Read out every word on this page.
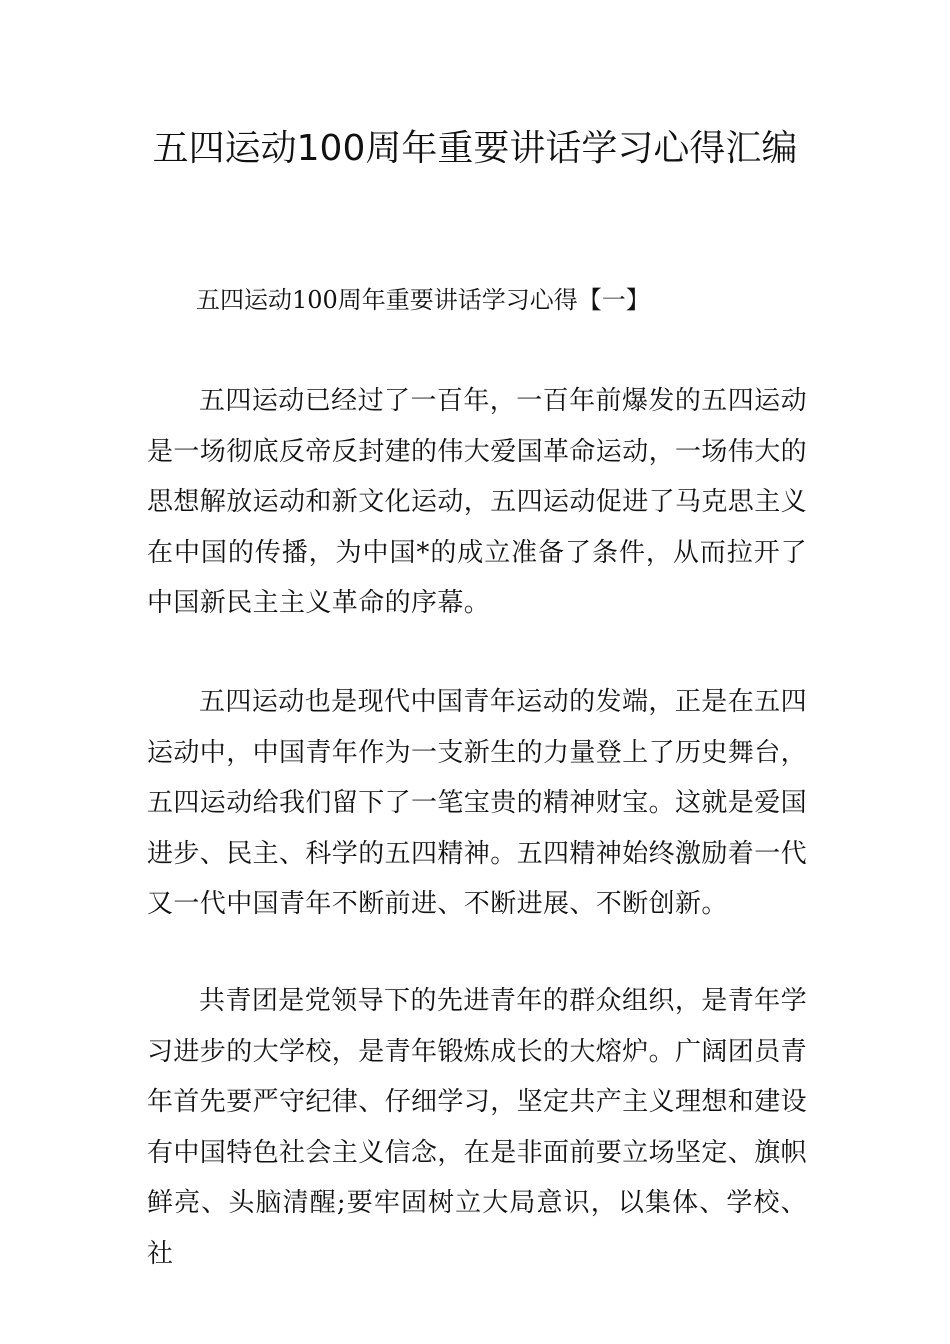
五四运动100周年重要讲话学习心得汇编
五四运动100周年重要讲话学习心得【一】

五四运动已经过了一百年，一百年前爆发的五四运动是一场彻底反帝反封建的伟大爱国革命运动，一场伟大的思想解放运动和新文化运动，五四运动促进了马克思主义在中国的传播，为中国*的成立准备了条件，从而拉开了中国新民主主义革命的序幕。

五四运动也是现代中国青年运动的发端，正是在五四运动中，中国青年作为一支新生的力量登上了历史舞台，五四运动给我们留下了一笔宝贵的精神财宝。这就是爱国进步、民主、科学的五四精神。五四精神始终激励着一代又一代中国青年不断前进、不断进展、不断创新。

共青团是党领导下的先进青年的群众组织，是青年学习进步的大学校，是青年锻炼成长的大熔炉。广阔团员青年首先要严守纪律、仔细学习，坚定共产主义理想和建设有中国特色社会主义信念，在是非面前要立场坚定、旗帜鲜亮、头脑清醒;要牢固树立大局意识，以集体、学校、社
